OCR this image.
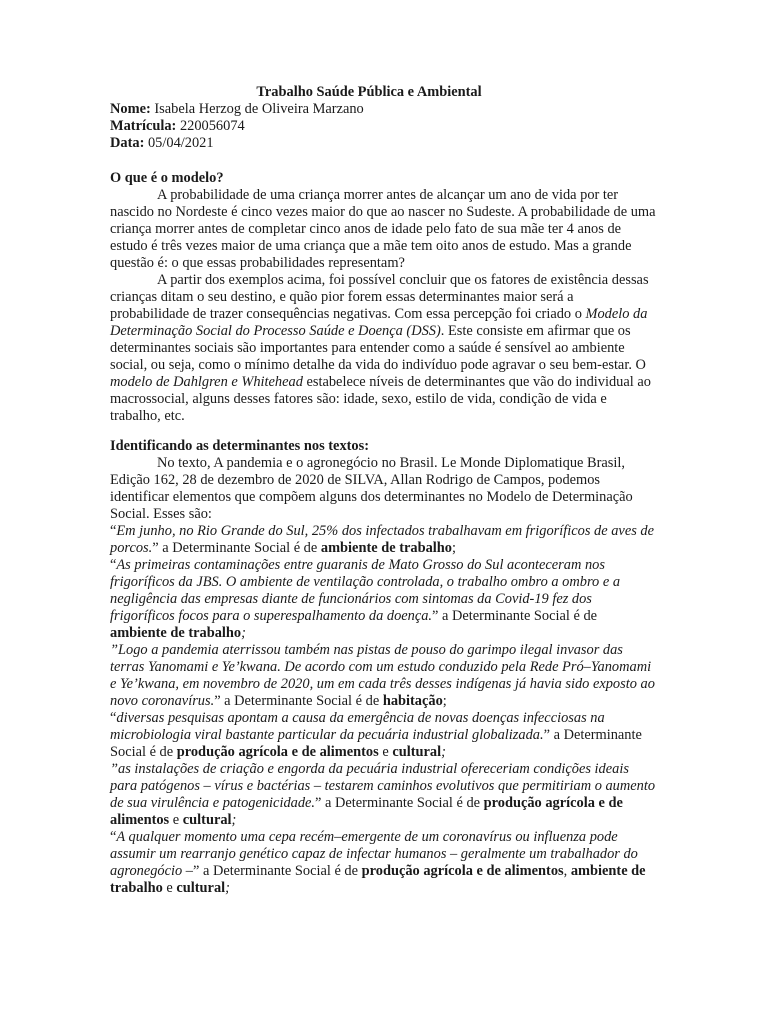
Trabalho Saúde Pública e Ambiental
Nome: Isabela Herzog de Oliveira Marzano
Matrícula: 220056074
Data: 05/04/2021

O que é o modelo?

A probabilidade de uma criança morrer antes de alcançar um ano de vida por ter nascido no Nordeste é cinco vezes maior do que ao nascer no Sudeste. A probabilidade de uma criança morrer antes de completar cinco anos de idade pelo fato de sua mãe ter 4 anos de estudo é três vezes maior de uma criança que a mãe tem oito anos de estudo. Mas a grande questão é: o que essas probabilidades representam?

A partir dos exemplos acima, foi possível concluir que os fatores de existência dessas crianças ditam o seu destino, e quão pior forem essas determinantes maior será a probabilidade de trazer consequências negativas. Com essa percepção foi criado o Modelo da Determinação Social do Processo Saúde e Doença (DSS). Este consiste em afirmar que os determinantes sociais são importantes para entender como a saúde é sensível ao ambiente social, ou seja, como o mínimo detalhe da vida do indivíduo pode agravar o seu bem-estar. O modelo de Dahlgren e Whitehead estabelece níveis de determinantes que vão do individual ao macrossocial, alguns desses fatores são: idade, sexo, estilo de vida, condição de vida e trabalho, etc.

Identificando as determinantes nos textos:

No texto, A pandemia e o agronegócio no Brasil. Le Monde Diplomatique Brasil, Edição 162, 28 de dezembro de 2020 de SILVA, Allan Rodrigo de Campos, podemos identificar elementos que compõem alguns dos determinantes no Modelo de Determinação Social. Esses são:

“Em junho, no Rio Grande do Sul, 25% dos infectados trabalhavam em frigoríficos de aves de porcos.” a Determinante Social é de ambiente de trabalho;

“As primeiras contaminações entre guaranis de Mato Grosso do Sul aconteceram nos frigoríficos da JBS. O ambiente de ventilação controlada, o trabalho ombro a ombro e a negligência das empresas diante de funcionários com sintomas da Covid-19 fez dos frigoríficos focos para o superespalhamento da doença.” a Determinante Social é de ambiente de trabalho;

”Logo a pandemia aterrissou também nas pistas de pouso do garimpo ilegal invasor das terras Yanomami e Ye’kwana. De acordo com um estudo conduzido pela Rede Pró–Yanomami e Ye’kwana, em novembro de 2020, um em cada três desses indígenas já havia sido exposto ao novo coronavírus.” a Determinante Social é de habitação;

“diversas pesquisas apontam a causa da emergência de novas doenças infecciosas na microbiologia viral bastante particular da pecuária industrial globalizada.” a Determinante Social é de produção agrícola e de alimentos e cultural;

”as instalações de criação e engorda da pecuária industrial ofereceriam condições ideais para patógenos – vírus e bactérias – testarem caminhos evolutivos que permitiriam o aumento de sua virulência e patogenicidade.” a Determinante Social é de produção agrícola e de alimentos e cultural;

“A qualquer momento uma cepa recém–emergente de um coronavírus ou influenza pode assumir um rearranjo genético capaz de infectar humanos – geralmente um trabalhador do agronegócio –” a Determinante Social é de produção agrícola e de alimentos, ambiente de trabalho e cultural;
